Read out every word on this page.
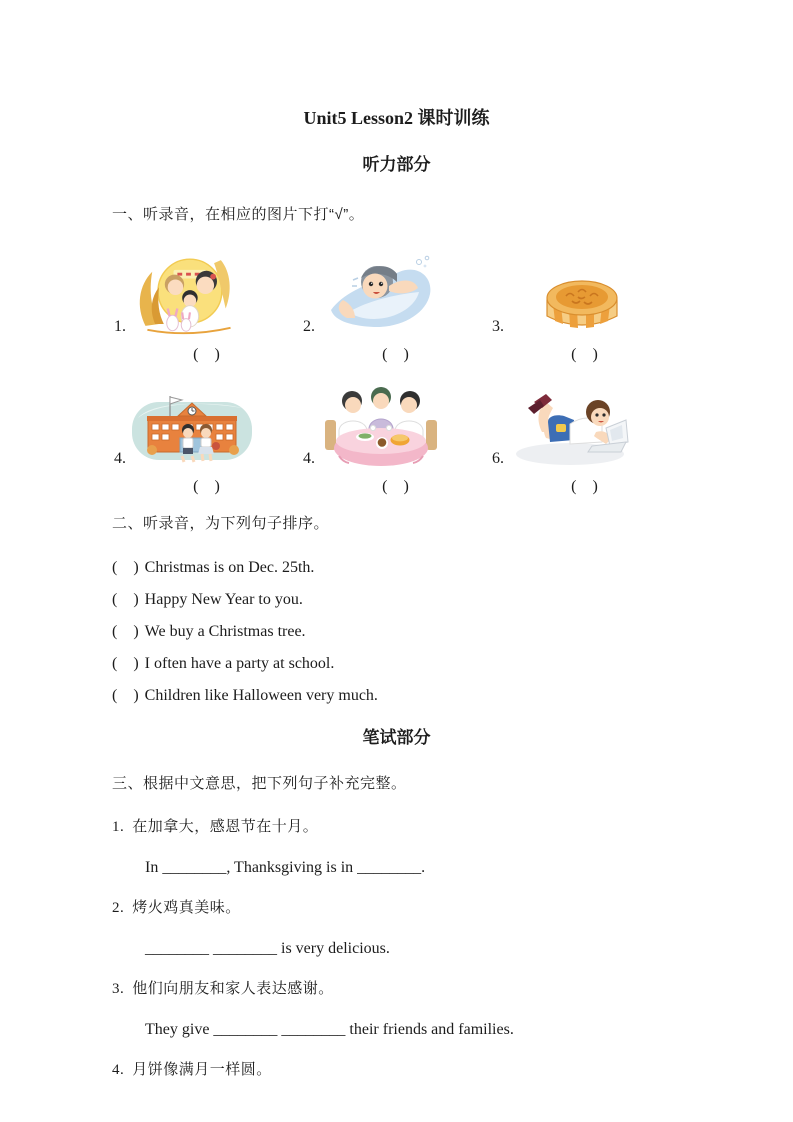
Unit5 Lesson2 课时训练
听力部分

一、听录音，在相应的图片下打“√”。

1.
(    )
2.
(    )
3.
(    )
4.
(    )
4.
(    )
6.
(    )

二、听录音，为下列句子排序。

(    ) Christmas is on Dec. 25th.

(    ) Happy New Year to you.

(    ) We buy a Christmas tree.

(    ) I often have a party at school.

(    ) Children like Halloween very much.

笔试部分

三、根据中文意思，把下列句子补充完整。

1. 在加拿大，感恩节在十月。

In ________, Thanksgiving is in ________.

2. 烤火鸡真美味。

________ ________ is very delicious.

3. 他们向朋友和家人表达感谢。

They give ________ ________ their friends and families.

4. 月饼像满月一样圆。
